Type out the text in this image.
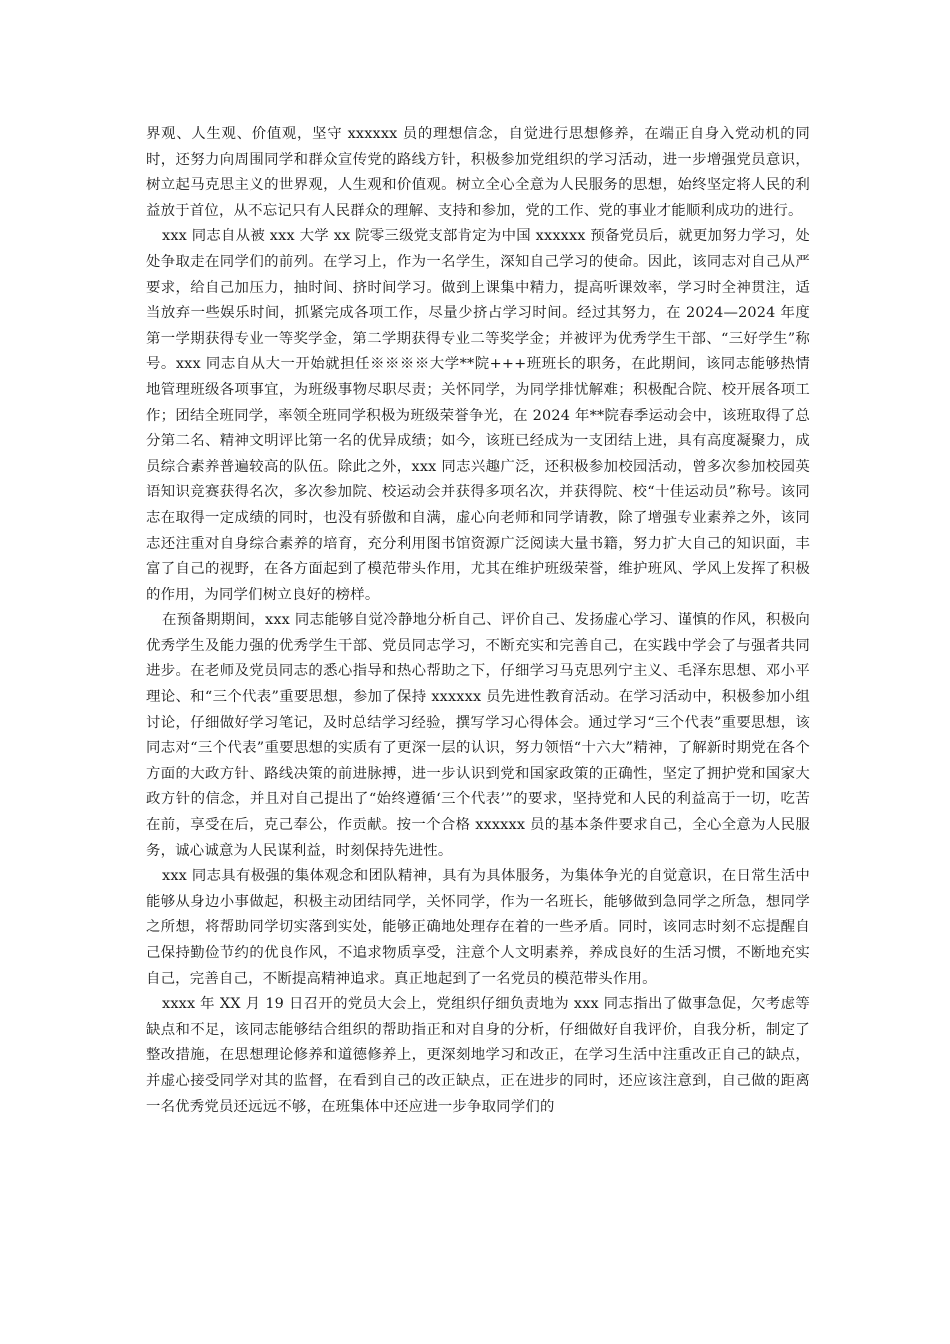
界观、人生观、价值观，坚守 xxxxxx 员的理想信念，自觉进行思想修养，在端正自身入党动机的同时，还努力向周围同学和群众宣传党的路线方针，积极参加党组织的学习活动，进一步增强党员意识，树立起马克思主义的世界观，人生观和价值观。树立全心全意为人民服务的思想，始终坚定将人民的利益放于首位，从不忘记只有人民群众的理解、支持和参加，党的工作、党的事业才能顺利成功的进行。

xxx 同志自从被 xxx 大学 xx 院零三级党支部肯定为中国 xxxxxx 预备党员后，就更加努力学习，处处争取走在同学们的前列。在学习上，作为一名学生，深知自己学习的使命。因此，该同志对自己从严要求，给自己加压力，抽时间、挤时间学习。做到上课集中精力，提高听课效率，学习时全神贯注，适当放弃一些娱乐时间，抓紧完成各项工作，尽量少挤占学习时间。经过其努力，在 2024—2024 年度第一学期获得专业一等奖学金，第二学期获得专业二等奖学金；并被评为优秀学生干部、“三好学生”称号。xxx 同志自从大一开始就担任※※※※大学**院+++班班长的职务，在此期间，该同志能够热情地管理班级各项事宜，为班级事物尽职尽责；关怀同学，为同学排忧解难；积极配合院、校开展各项工作；团结全班同学，率领全班同学积极为班级荣誉争光，在 2024 年**院春季运动会中，该班取得了总分第二名、精神文明评比第一名的优异成绩；如今，该班已经成为一支团结上进，具有高度凝聚力，成员综合素养普遍较高的队伍。除此之外，xxx 同志兴趣广泛，还积极参加校园活动，曾多次参加校园英语知识竞赛获得名次，多次参加院、校运动会并获得多项名次，并获得院、校“十佳运动员”称号。该同志在取得一定成绩的同时，也没有骄傲和自满，虚心向老师和同学请教，除了增强专业素养之外，该同志还注重对自身综合素养的培育，充分利用图书馆资源广泛阅读大量书籍，努力扩大自己的知识面，丰富了自己的视野，在各方面起到了模范带头作用，尤其在维护班级荣誉，维护班风、学风上发挥了积极的作用，为同学们树立良好的榜样。

在预备期期间，xxx 同志能够自觉冷静地分析自己、评价自己、发扬虚心学习、谨慎的作风，积极向优秀学生及能力强的优秀学生干部、党员同志学习，不断充实和完善自己，在实践中学会了与强者共同进步。在老师及党员同志的悉心指导和热心帮助之下，仔细学习马克思列宁主义、毛泽东思想、邓小平理论、和“三个代表”重要思想，参加了保持 xxxxxx 员先进性教育活动。在学习活动中，积极参加小组讨论，仔细做好学习笔记，及时总结学习经验，撰写学习心得体会。通过学习“三个代表”重要思想，该同志对“三个代表”重要思想的实质有了更深一层的认识，努力领悟“十六大”精神，了解新时期党在各个方面的大政方针、路线决策的前进脉搏，进一步认识到党和国家政策的正确性，坚定了拥护党和国家大政方针的信念，并且对自己提出了“始终遵循‘三个代表’”的要求，坚持党和人民的利益高于一切，吃苦在前，享受在后，克己奉公，作贡献。按一个合格 xxxxxx 员的基本条件要求自己，全心全意为人民服务，诚心诚意为人民谋利益，时刻保持先进性。

xxx 同志具有极强的集体观念和团队精神，具有为具体服务，为集体争光的自觉意识，在日常生活中能够从身边小事做起，积极主动团结同学，关怀同学，作为一名班长，能够做到急同学之所急，想同学之所想，将帮助同学切实落到实处，能够正确地处理存在着的一些矛盾。同时，该同志时刻不忘提醒自己保持勤俭节约的优良作风，不追求物质享受，注意个人文明素养，养成良好的生活习惯，不断地充实自己，完善自己，不断提高精神追求。真正地起到了一名党员的模范带头作用。

xxxx 年 XX 月 19 日召开的党员大会上，党组织仔细负责地为 xxx 同志指出了做事急促，欠考虑等缺点和不足，该同志能够结合组织的帮助指正和对自身的分析，仔细做好自我评价，自我分析，制定了整改措施，在思想理论修养和道德修养上，更深刻地学习和改正，在学习生活中注重改正自己的缺点，并虚心接受同学对其的监督，在看到自己的改正缺点，正在进步的同时，还应该注意到，自己做的距离一名优秀党员还远远不够，在班集体中还应进一步争取同学们的
